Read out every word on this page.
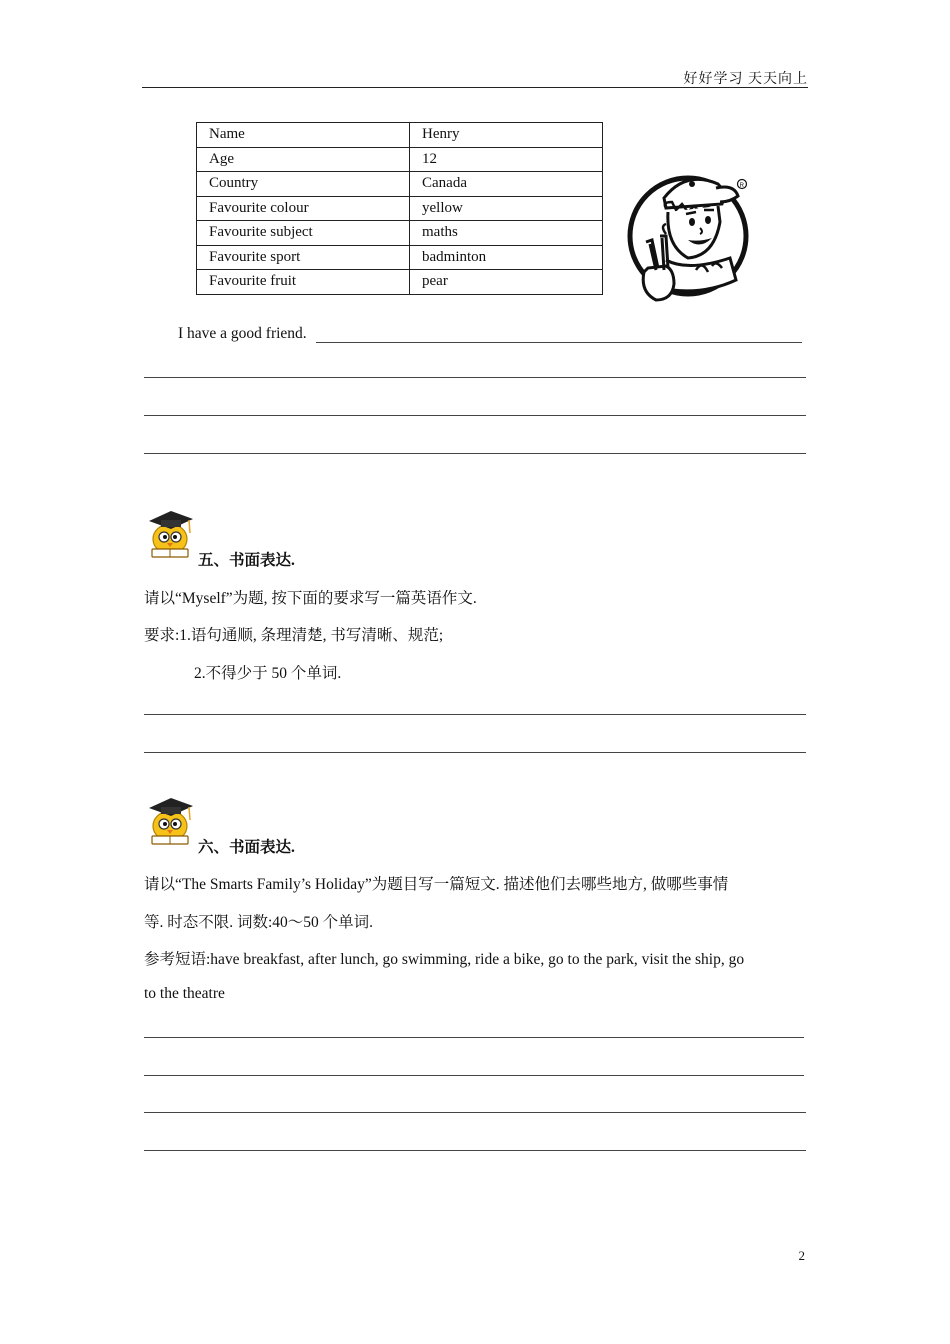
好好学习 天天向上
Name	Henry
Age	12
Country	Canada
Favourite colour	yellow
Favourite subject	maths
Favourite sport	badminton
Favourite fruit	pear
R
I have a good friend.
五、书面表达.
请以“Myself”为题, 按下面的要求写一篇英语作文.
要求:1.语句通顺, 条理清楚, 书写清晰、规范;
2.不得少于 50 个单词.
六、书面表达.
请以“The Smarts Family’s Holiday”为题目写一篇短文. 描述他们去哪些地方, 做哪些事情
等. 时态不限. 词数:40～50 个单词.
参考短语:have breakfast, after lunch, go swimming, ride a bike, go to the park, visit the ship, go
to the theatre
2
